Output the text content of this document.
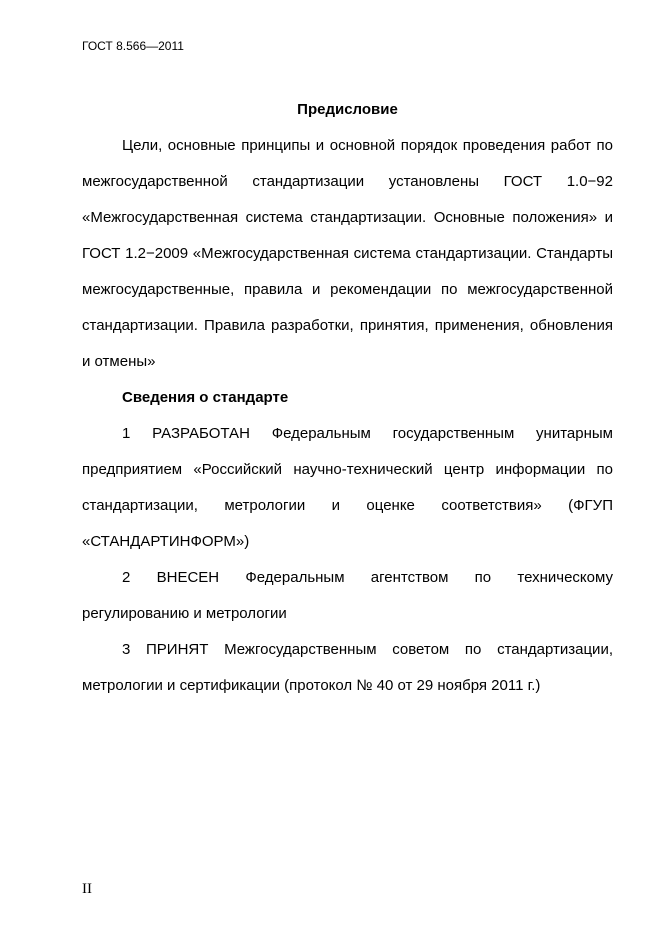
ГОСТ 8.566—2011
Предисловие

Цели, основные принципы и основной порядок проведения работ по межгосударственной стандартизации установлены ГОСТ 1.0−92 «Межгосударственная система стандартизации. Основные положения» и ГОСТ 1.2−2009 «Межгосударственная система стандартизации. Стандарты межгосударственные, правила и рекомендации по межгосударственной стандартизации. Правила разработки, принятия, применения, обновления и отмены»

Сведения о стандарте

1 РАЗРАБОТАН Федеральным государственным унитарным предприятием «Российский научно-технический центр информации по стандартизации, метрологии и оценке соответствия» (ФГУП «СТАНДАРТИНФОРМ»)

2 ВНЕСЕН Федеральным агентством по техническому регулированию и метрологии

3 ПРИНЯТ Межгосударственным советом по стандартизации, метрологии и сертификации (протокол № 40 от 29 ноября 2011 г.)

II
